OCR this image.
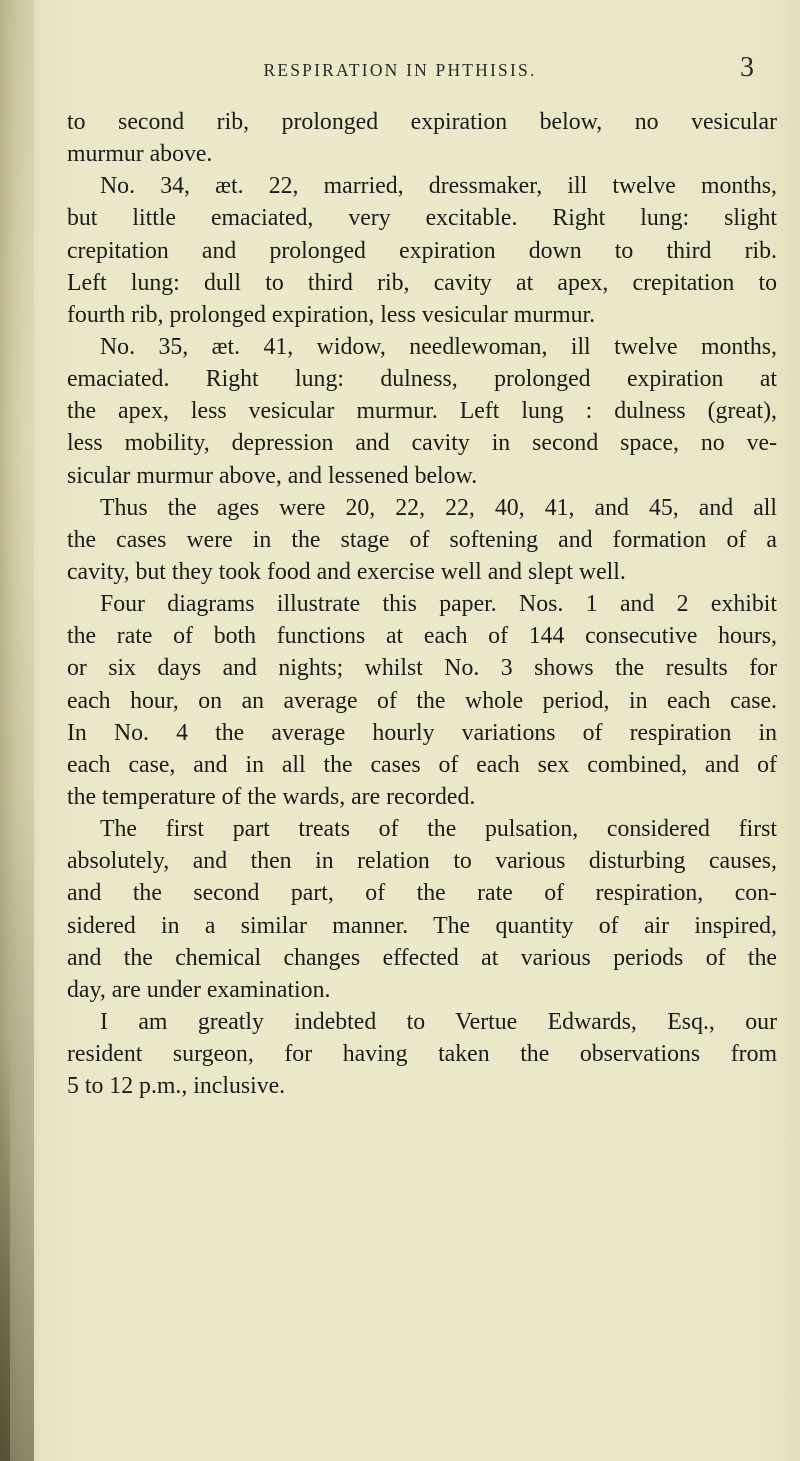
RESPIRATION IN PHTHISIS.	3
to second rib, prolonged expiration below, no vesicular
murmur above.
No. 34, æt. 22, married, dressmaker, ill twelve months,
but little emaciated, very excitable. Right lung: slight
crepitation and prolonged expiration down to third rib.
Left lung: dull to third rib, cavity at apex, crepitation to
fourth rib, prolonged expiration, less vesicular murmur.
No. 35, æt. 41, widow, needlewoman, ill twelve months,
emaciated. Right lung: dulness, prolonged expiration at
the apex, less vesicular murmur. Left lung : dulness (great),
less mobility, depression and cavity in second space, no ve-
sicular murmur above, and lessened below.
Thus the ages were 20, 22, 22, 40, 41, and 45, and all
the cases were in the stage of softening and formation of a
cavity, but they took food and exercise well and slept well.
Four diagrams illustrate this paper. Nos. 1 and 2 exhibit
the rate of both functions at each of 144 consecutive hours,
or six days and nights; whilst No. 3 shows the results for
each hour, on an average of the whole period, in each case.
In No. 4 the average hourly variations of respiration in
each case, and in all the cases of each sex combined, and of
the temperature of the wards, are recorded.
The first part treats of the pulsation, considered first
absolutely, and then in relation to various disturbing causes,
and the second part, of the rate of respiration, con-
sidered in a similar manner. The quantity of air inspired,
and the chemical changes effected at various periods of the
day, are under examination.
I am greatly indebted to Vertue Edwards, Esq., our
resident surgeon, for having taken the observations from
5 to 12 p.m., inclusive.
